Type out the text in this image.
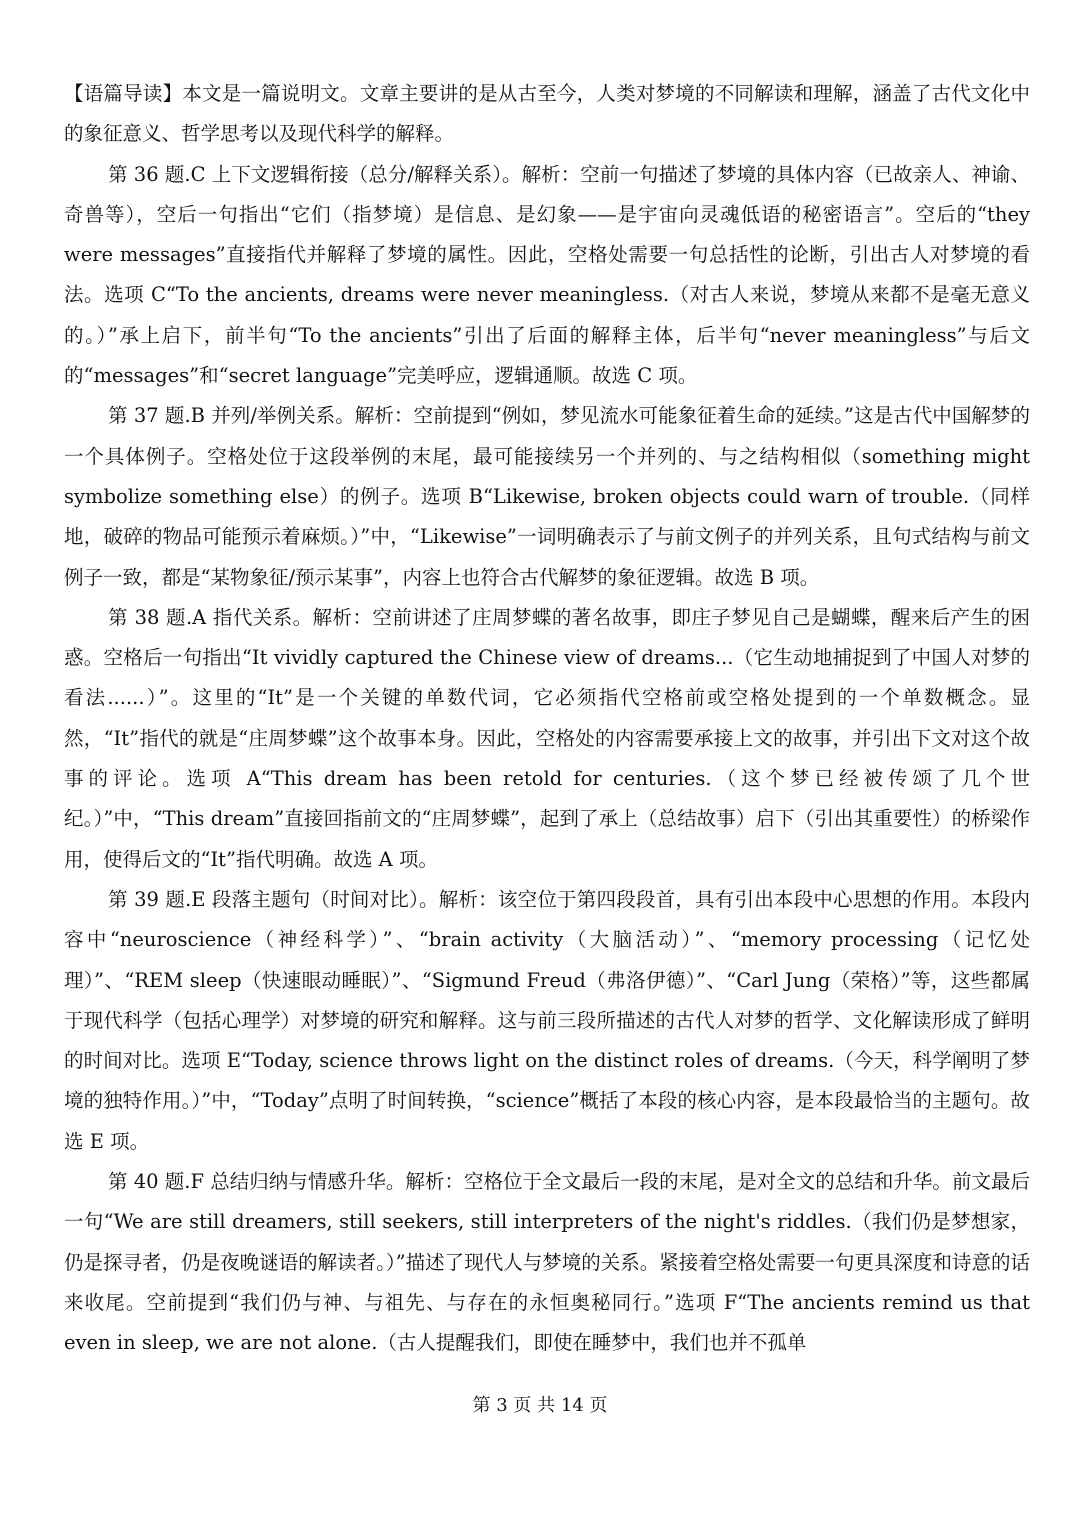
【语篇导读】本文是一篇说明文。文章主要讲的是从古至今，人类对梦境的不同解读和理解，涵盖了古代文化中的象征意义、哲学思考以及现代科学的解释。

第 36 题.C 上下文逻辑衔接（总分/解释关系）。解析：空前一句描述了梦境的具体内容（已故亲人、神谕、奇兽等），空后一句指出“它们（指梦境）是信息、是幻象——是宇宙向灵魂低语的秘密语言”。空后的“they were messages”直接指代并解释了梦境的属性。因此，空格处需要一句总括性的论断，引出古人对梦境的看法。选项 C“To the ancients, dreams were never meaningless.（对古人来说，梦境从来都不是毫无意义的。）”承上启下，前半句“To the ancients”引出了后面的解释主体，后半句“never meaningless”与后文的“messages”和“secret language”完美呼应，逻辑通顺。故选 C 项。

第 37 题.B 并列/举例关系。解析：空前提到“例如，梦见流水可能象征着生命的延续。”这是古代中国解梦的一个具体例子。空格处位于这段举例的末尾，最可能接续另一个并列的、与之结构相似（something might symbolize something else）的例子。选项 B“Likewise, broken objects could warn of trouble.（同样地，破碎的物品可能预示着麻烦。）”中，“Likewise”一词明确表示了与前文例子的并列关系，且句式结构与前文例子一致，都是“某物象征/预示某事”，内容上也符合古代解梦的象征逻辑。故选 B 项。

第 38 题.A 指代关系。解析：空前讲述了庄周梦蝶的著名故事，即庄子梦见自己是蝴蝶，醒来后产生的困惑。空格后一句指出“It vividly captured the Chinese view of dreams...（它生动地捕捉到了中国人对梦的看法......）”。这里的“It”是一个关键的单数代词，它必须指代空格前或空格处提到的一个单数概念。显然，“It”指代的就是“庄周梦蝶”这个故事本身。因此，空格处的内容需要承接上文的故事，并引出下文对这个故事的评论。选项 A“This dream has been retold for centuries.（这个梦已经被传颂了几个世纪。）”中，“This dream”直接回指前文的“庄周梦蝶”，起到了承上（总结故事）启下（引出其重要性）的桥梁作用，使得后文的“It”指代明确。故选 A 项。

第 39 题.E 段落主题句（时间对比）。解析：该空位于第四段段首，具有引出本段中心思想的作用。本段内容中“neuroscience（神经科学）”、“brain activity（大脑活动）”、“memory processing（记忆处理）”、“REM sleep（快速眼动睡眠）”、“Sigmund Freud（弗洛伊德）”、“Carl Jung（荣格）”等，这些都属于现代科学（包括心理学）对梦境的研究和解释。这与前三段所描述的古代人对梦的哲学、文化解读形成了鲜明的时间对比。选项 E“Today, science throws light on the distinct roles of dreams.（今天，科学阐明了梦境的独特作用。）”中，“Today”点明了时间转换，“science”概括了本段的核心内容，是本段最恰当的主题句。故选 E 项。

第 40 题.F 总结归纳与情感升华。解析：空格位于全文最后一段的末尾，是对全文的总结和升华。前文最后一句“We are still dreamers, still seekers, still interpreters of the night's riddles.（我们仍是梦想家，仍是探寻者，仍是夜晚谜语的解读者。）”描述了现代人与梦境的关系。紧接着空格处需要一句更具深度和诗意的话来收尾。空前提到“我们仍与神、与祖先、与存在的永恒奥秘同行。”选项 F“The ancients remind us that even in sleep, we are not alone.（古人提醒我们，即使在睡梦中，我们也并不孤单

第 3 页 共 14 页
